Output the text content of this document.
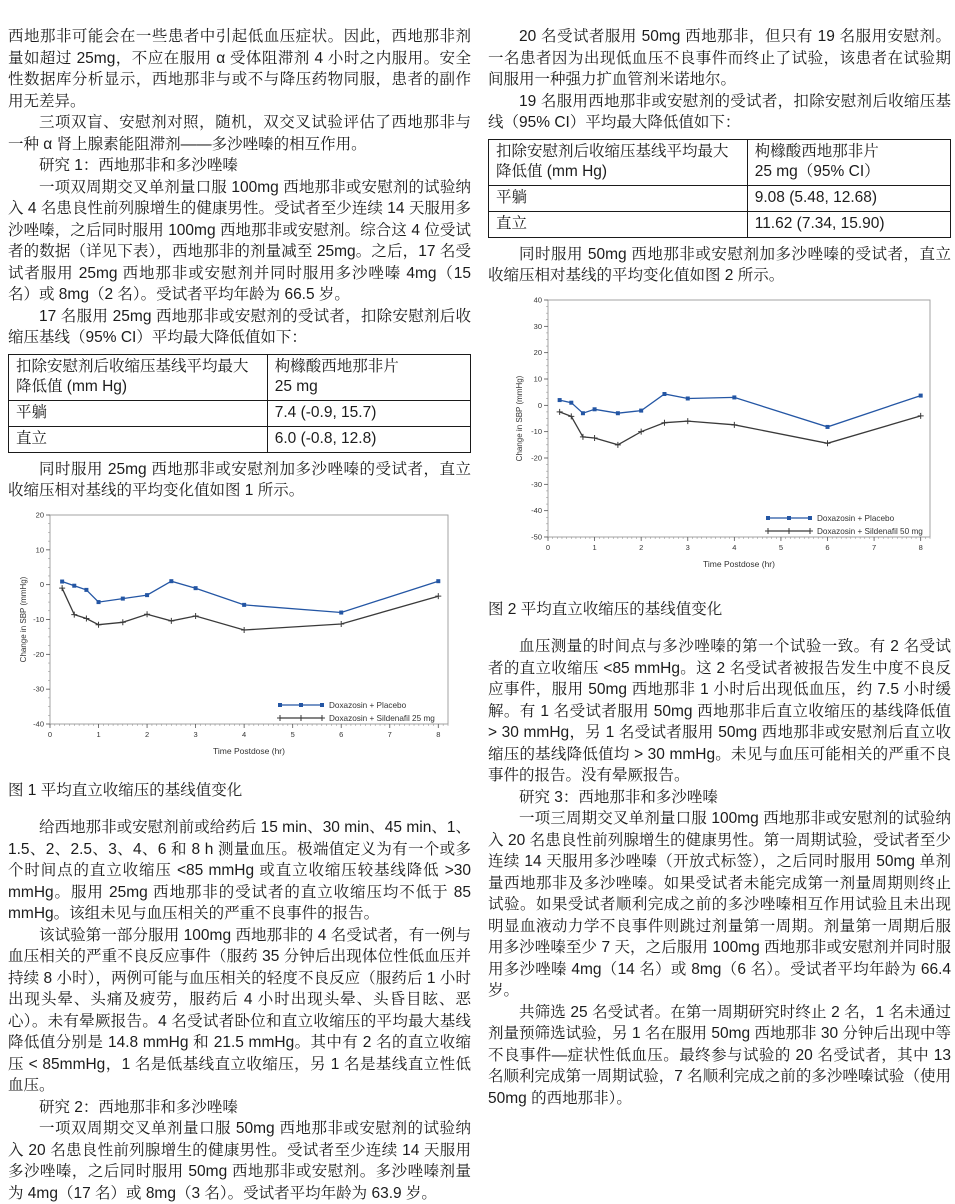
西地那非可能会在一些患者中引起低血压症状。因此，西地那非剂量如超过 25mg，不应在服用 α 受体阻滞剂 4 小时之内服用。安全性数据库分析显示，西地那非与或不与降压药物同服，患者的副作用无差异。

三项双盲、安慰剂对照，随机，双交叉试验评估了西地那非与一种 α 肾上腺素能阻滞剂——多沙唑嗪的相互作用。

研究 1：西地那非和多沙唑嗪

一项双周期交叉单剂量口服 100mg 西地那非或安慰剂的试验纳入 4 名患良性前列腺增生的健康男性。受试者至少连续 14 天服用多沙唑嗪，之后同时服用 100mg 西地那非或安慰剂。综合这 4 位受试者的数据（详见下表），西地那非的剂量减至 25mg。之后，17 名受试者服用 25mg 西地那非或安慰剂并同时服用多沙唑嗪 4mg（15 名）或 8mg（2 名）。受试者平均年龄为 66.5 岁。

17 名服用 25mg 西地那非或安慰剂的受试者，扣除安慰剂后收缩压基线（95% CI）平均最大降低值如下：

扣除安慰剂后收缩压基线平均最大降低值 (mm Hg)	枸橼酸西地那非片
25 mg
平躺	7.4 (-0.9, 15.7)
直立	6.0 (-0.8, 12.8)

同时服用 25mg 西地那非或安慰剂加多沙唑嗪的受试者，直立收缩压相对基线的平均变化值如图 1 所示。

0	1	2	3	4	5	6	7	8
20
10
0
-10
-20
-30
-40
Time Postdose (hr)
Change in SBP (mmHg)
Doxazosin + Placebo
Doxazosin + Sildenafil 25 mg

图 1 平均直立收缩压的基线值变化

给西地那非或安慰剂前或给药后 15 min、30 min、45 min、1、1.5、2、2.5、3、4、6 和 8 h 测量血压。极端值定义为有一个或多个时间点的直立收缩压 <85 mmHg 或直立收缩压较基线降低 >30 mmHg。服用 25mg 西地那非的受试者的直立收缩压均不低于 85 mmHg。该组未见与血压相关的严重不良事件的报告。

该试验第一部分服用 100mg 西地那非的 4 名受试者，有一例与血压相关的严重不良反应事件（服药 35 分钟后出现体位性低血压并持续 8 小时），两例可能与血压相关的轻度不良反应（服药后 1 小时出现头晕、头痛及疲劳，服药后 4 小时出现头晕、头昏目眩、恶心）。未有晕厥报告。4 名受试者卧位和直立收缩压的平均最大基线降低值分别是 14.8 mmHg 和 21.5 mmHg。其中有 2 名的直立收缩压 < 85mmHg，1 名是低基线直立收缩压，另 1 名是基线直立性低血压。

研究 2：西地那非和多沙唑嗪

一项双周期交叉单剂量口服 50mg 西地那非或安慰剂的试验纳入 20 名患良性前列腺增生的健康男性。受试者至少连续 14 天服用多沙唑嗪，之后同时服用 50mg 西地那非或安慰剂。多沙唑嗪剂量为 4mg（17 名）或 8mg（3 名）。受试者平均年龄为 63.9 岁。

20 名受试者服用 50mg 西地那非，但只有 19 名服用安慰剂。一名患者因为出现低血压不良事件而终止了试验，该患者在试验期间服用一种强力扩血管剂米诺地尔。

19 名服用西地那非或安慰剂的受试者，扣除安慰剂后收缩压基线（95% CI）平均最大降低值如下：

扣除安慰剂后收缩压基线平均最大降低值 (mm Hg)	枸橼酸西地那非片
25 mg（95% CI）
平躺	9.08 (5.48, 12.68)
直立	11.62 (7.34, 15.90)

同时服用 50mg 西地那非或安慰剂加多沙唑嗪的受试者，直立收缩压相对基线的平均变化值如图 2 所示。

0	1	2	3	4	5	6	7	8
40
30
20
10
0
-10
-20
-30
-40
-50
Time Postdose (hr)
Change in SBP (mmHg)
Doxazosin + Placebo
Doxazosin + Sildenafil 50 mg

图 2 平均直立收缩压的基线值变化

血压测量的时间点与多沙唑嗪的第一个试验一致。有 2 名受试者的直立收缩压 <85 mmHg。这 2 名受试者被报告发生中度不良反应事件，服用 50mg 西地那非 1 小时后出现低血压，约 7.5 小时缓解。有 1 名受试者服用 50mg 西地那非后直立收缩压的基线降低值 > 30 mmHg，另 1 名受试者服用 50mg 西地那非或安慰剂后直立收缩压的基线降低值均 > 30 mmHg。未见与血压可能相关的严重不良事件的报告。没有晕厥报告。

研究 3：西地那非和多沙唑嗪

一项三周期交叉单剂量口服 100mg 西地那非或安慰剂的试验纳入 20 名患良性前列腺增生的健康男性。第一周期试验，受试者至少连续 14 天服用多沙唑嗪（开放式标签），之后同时服用 50mg 单剂量西地那非及多沙唑嗪。如果受试者未能完成第一剂量周期则终止试验。如果受试者顺利完成之前的多沙唑嗪相互作用试验且未出现明显血液动力学不良事件则跳过剂量第一周期。剂量第一周期后服用多沙唑嗪至少 7 天，之后服用 100mg 西地那非或安慰剂并同时服用多沙唑嗪 4mg（14 名）或 8mg（6 名）。受试者平均年龄为 66.4 岁。

共筛选 25 名受试者。在第一周期研究时终止 2 名，1 名未通过剂量预筛选试验，另 1 名在服用 50mg 西地那非 30 分钟后出现中等不良事件—症状性低血压。最终参与试验的 20 名受试者，其中 13 名顺利完成第一周期试验，7 名顺利完成之前的多沙唑嗪试验（使用 50mg 的西地那非）。
